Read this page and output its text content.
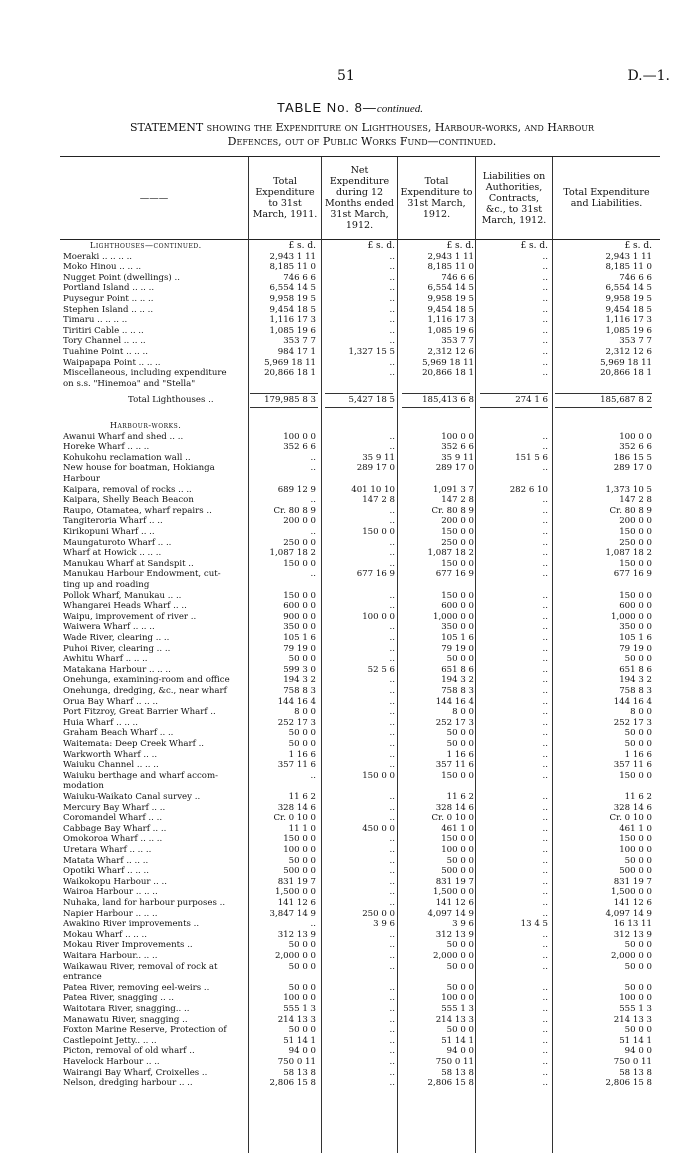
51	D.—1.
TABLE No. 8—continued.
STATEMENT showing the Expenditure on Lighthouses, Harbour-works, and Harbour
Defences, out of Public Works Fund—continued.
———
Total Expenditure to 31st March, 1911.
Net Expenditure during 12 Months ended 31st March, 1912.
Total Expenditure to 31st March, 1912.
Liabilities on Authorities, Contracts, &c., to 31st March, 1912.
Total Expenditure and Liabilities.
£ s. d.	£ s. d.	£ s. d.	£ s. d.	£ s. d.
Lighthouses—continued.
Moeraki .. .. .. ..	2,943 1 11	..	2,943 1 11	..	2,943 1 11
Moko Hinou .. .. ..	8,185 11 0	..	8,185 11 0	..	8,185 11 0
Nugget Point (dwellings) ..	746 6 6	..	746 6 6	..	746 6 6
Portland Island .. .. ..	6,554 14 5	..	6,554 14 5	..	6,554 14 5
Puysegur Point .. .. ..	9,958 19 5	..	9,958 19 5	..	9,958 19 5
Stephen Island .. .. ..	9,454 18 5	..	9,454 18 5	..	9,454 18 5
Timaru .. .. .. ..	1,116 17 3	..	1,116 17 3	..	1,116 17 3
Tiritiri Cable .. .. ..	1,085 19 6	..	1,085 19 6	..	1,085 19 6
Tory Channel .. .. ..	353 7 7	..	353 7 7	..	353 7 7
Tuahine Point .. .. ..	984 17 1	1,327 15 5	2,312 12 6	..	2,312 12 6
Waipapapa Point .. .. ..	5,969 18 11	..	5,969 18 11	..	5,969 18 11
Miscellaneous, including expenditure	20,866 18 1	..	20,866 18 1	..	20,866 18 1
on s.s. "Hinemoa" and "Stella"
Total Lighthouses ..	179,985 8 3	5,427 18 5	185,413 6 8	274 1 6	185,687 8 2
Harbour-works.
Awanui Wharf and shed .. ..	100 0 0	..	100 0 0	..	100 0 0
Horeke Wharf .. .. ..	352 6 6	..	352 6 6	..	352 6 6
Kohukohu reclamation wall ..	..	35 9 11	35 9 11	151 5 6	186 15 5
New house for boatman, Hokianga	..	289 17 0	289 17 0	..	289 17 0
Harbour
Kaipara, removal of rocks .. ..	689 12 9	401 10 10	1,091 3 7	282 6 10	1,373 10 5
Kaipara, Shelly Beach Beacon	..	147 2 8	147 2 8	..	147 2 8
Raupo, Otamatea, wharf repairs ..	Cr. 80 8 9	..	Cr. 80 8 9	..	Cr. 80 8 9
Tangiteroria Wharf .. ..	200 0 0	..	200 0 0	..	200 0 0
Kirikopuni Wharf .. ..	..	150 0 0	150 0 0	..	150 0 0
Maungaturoto Wharf .. ..	250 0 0	..	250 0 0	..	250 0 0
Wharf at Howick .. .. ..	1,087 18 2	..	1,087 18 2	..	1,087 18 2
Manukau Wharf at Sandspit ..	150 0 0	..	150 0 0	..	150 0 0
Manukau Harbour Endowment, cut-	..	677 16 9	677 16 9	..	677 16 9
ting up and roading
Pollok Wharf, Manukau .. ..	150 0 0	..	150 0 0	..	150 0 0
Whangarei Heads Wharf .. ..	600 0 0	..	600 0 0	..	600 0 0
Waipu, improvement of river ..	900 0 0	100 0 0	1,000 0 0	..	1,000 0 0
Waiwera Wharf .. .. ..	350 0 0	..	350 0 0	..	350 0 0
Wade River, clearing .. ..	105 1 6	..	105 1 6	..	105 1 6
Puhoi River, clearing .. ..	79 19 0	..	79 19 0	..	79 19 0
Awhitu Wharf .. .. ..	50 0 0	..	50 0 0	..	50 0 0
Matakana Harbour .. .. ..	599 3 0	52 5 6	651 8 6	..	651 8 6
Onehunga, examining-room and office	194 3 2	..	194 3 2	..	194 3 2
Onehunga, dredging, &c., near wharf	758 8 3	..	758 8 3	..	758 8 3
Orua Bay Wharf .. .. ..	144 16 4	..	144 16 4	..	144 16 4
Port Fitzroy, Great Barrier Wharf ..	8 0 0	..	8 0 0	..	8 0 0
Huia Wharf .. .. ..	252 17 3	..	252 17 3	..	252 17 3
Graham Beach Wharf .. ..	50 0 0	..	50 0 0	..	50 0 0
Waitemata: Deep Creek Wharf ..	50 0 0	..	50 0 0	..	50 0 0
Warkworth Wharf .. ..	1 16 6	..	1 16 6	..	1 16 6
Waiuku Channel .. .. ..	357 11 6	..	357 11 6	..	357 11 6
Waiuku berthage and wharf accom-	..	150 0 0	150 0 0	..	150 0 0
modation
Waiuku-Waikato Canal survey ..	11 6 2	..	11 6 2	..	11 6 2
Mercury Bay Wharf .. ..	328 14 6	..	328 14 6	..	328 14 6
Coromandel Wharf .. ..	Cr. 0 10 0	..	Cr. 0 10 0	..	Cr. 0 10 0
Cabbage Bay Wharf .. ..	11 1 0	450 0 0	461 1 0	..	461 1 0
Omokoroa Wharf .. .. ..	150 0 0	..	150 0 0	..	150 0 0
Uretara Wharf .. .. ..	100 0 0	..	100 0 0	..	100 0 0
Matata Wharf .. .. ..	50 0 0	..	50 0 0	..	50 0 0
Opotiki Wharf .. .. ..	500 0 0	..	500 0 0	..	500 0 0
Waikokopu Harbour .. ..	831 19 7	..	831 19 7	..	831 19 7
Wairoa Harbour .. .. ..	1,500 0 0	..	1,500 0 0	..	1,500 0 0
Nuhaka, land for harbour purposes ..	141 12 6	..	141 12 6	..	141 12 6
Napier Harbour .. .. ..	3,847 14 9	250 0 0	4,097 14 9	..	4,097 14 9
Awakino River improvements ..	..	3 9 6	3 9 6	13 4 5	16 13 11
Mokau Wharf .. .. ..	312 13 9	..	312 13 9	..	312 13 9
Mokau River Improvements ..	50 0 0	..	50 0 0	..	50 0 0
Waitara Harbour.. .. ..	2,000 0 0	..	2,000 0 0	..	2,000 0 0
Waikawau River, removal of rock at	50 0 0	..	50 0 0	..	50 0 0
entrance
Patea River, removing eel-weirs ..	50 0 0	..	50 0 0	..	50 0 0
Patea River, snagging .. ..	100 0 0	..	100 0 0	..	100 0 0
Waitotara River, snagging.. ..	555 1 3	..	555 1 3	..	555 1 3
Manawatu River, snagging ..	214 13 3	..	214 13 3	..	214 13 3
Foxton Marine Reserve, Protection of	50 0 0	..	50 0 0	..	50 0 0
Castlepoint Jetty.. .. ..	51 14 1	..	51 14 1	..	51 14 1
Picton, removal of old wharf ..	94 0 0	..	94 0 0	..	94 0 0
Havelock Harbour .. ..	750 0 11	..	750 0 11	..	750 0 11
Wairangi Bay Wharf, Croixelles ..	58 13 8	..	58 13 8	..	58 13 8
Nelson, dredging harbour .. ..	2,806 15 8	..	2,806 15 8	..	2,806 15 8
